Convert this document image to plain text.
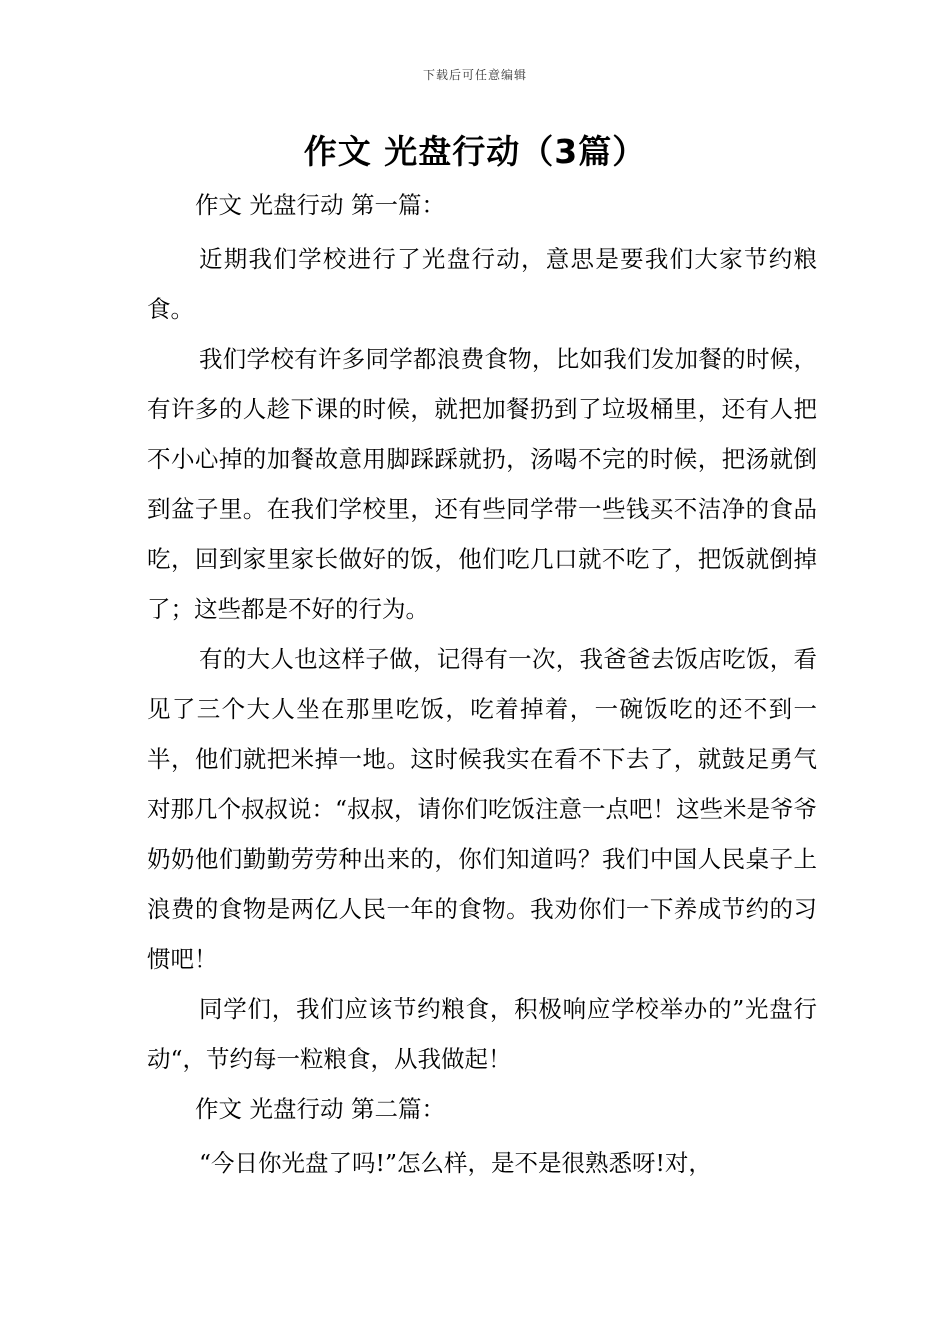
下载后可任意编辑
作文 光盘行动（3篇）

作文 光盘行动 第一篇：

近期我们学校进行了光盘行动，意思是要我们大家节约粮食。

我们学校有许多同学都浪费食物，比如我们发加餐的时候，有许多的人趁下课的时候，就把加餐扔到了垃圾桶里，还有人把不小心掉的加餐故意用脚踩踩就扔，汤喝不完的时候，把汤就倒到盆子里。在我们学校里，还有些同学带一些钱买不洁净的食品吃，回到家里家长做好的饭，他们吃几口就不吃了，把饭就倒掉了；这些都是不好的行为。

有的大人也这样子做，记得有一次，我爸爸去饭店吃饭，看见了三个大人坐在那里吃饭，吃着掉着，一碗饭吃的还不到一半，他们就把米掉一地。这时候我实在看不下去了，就鼓足勇气对那几个叔叔说：“叔叔，请你们吃饭注意一点吧！这些米是爷爷奶奶他们勤勤劳劳种出来的，你们知道吗？我们中国人民桌子上浪费的食物是两亿人民一年的食物。我劝你们一下养成节约的习惯吧！

同学们，我们应该节约粮食，积极响应学校举办的”光盘行动“，节约每一粒粮食，从我做起！

作文 光盘行动 第二篇：

“今日你光盘了吗!”怎么样，是不是很熟悉呀!对，
